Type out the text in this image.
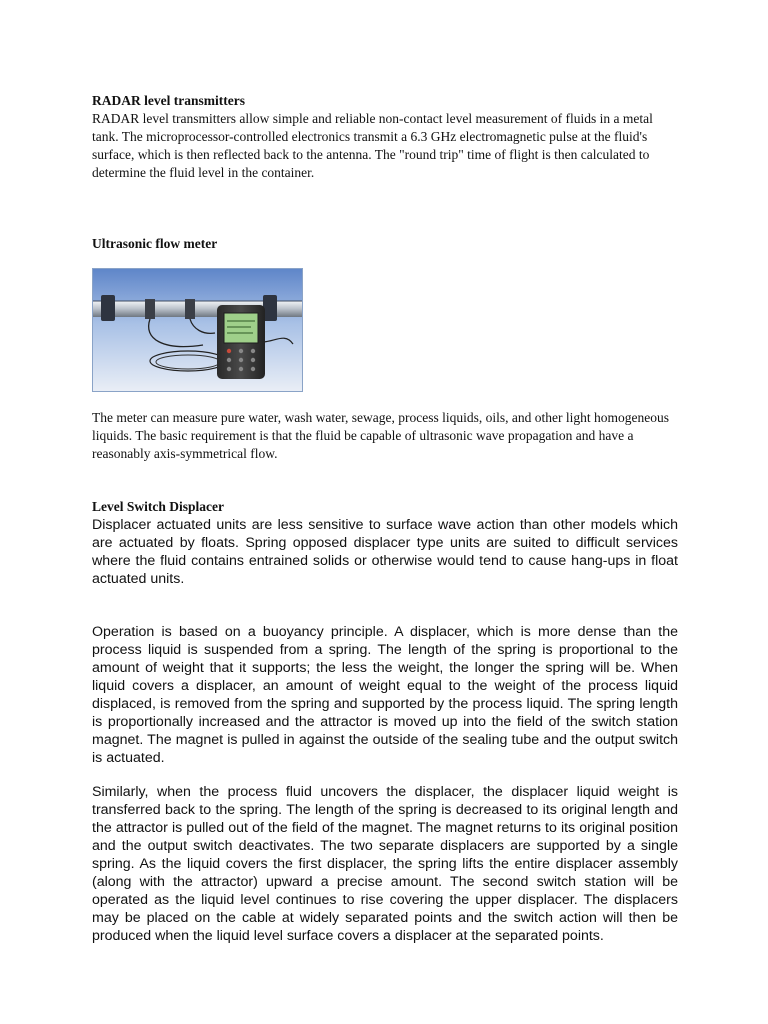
RADAR level transmitters

RADAR level transmitters allow simple and reliable non-contact level measurement of fluids in a metal tank. The microprocessor-controlled electronics transmit a 6.3 GHz electromagnetic pulse at the fluid's surface, which is then reflected back to the antenna. The "round trip" time of flight is then calculated to determine the fluid level in the container.

Ultrasonic flow meter

The meter can measure pure water, wash water, sewage, process liquids, oils, and other light homogeneous liquids. The basic requirement is that the fluid be capable of ultrasonic wave propagation and have a reasonably axis-symmetrical flow.

Level Switch Displacer

Displacer actuated units are less sensitive to surface wave action than other models which are actuated by floats. Spring opposed displacer type units are suited to difficult services where the fluid contains entrained solids or otherwise would tend to cause hang-ups in float actuated units.

Operation is based on a buoyancy principle. A displacer, which is more dense than the process liquid is suspended from a spring. The length of the spring is proportional to the amount of weight that it supports; the less the weight, the longer the spring will be. When liquid covers a displacer, an amount of weight equal to the weight of the process liquid displaced, is removed from the spring and supported by the process liquid. The spring length is proportionally increased and the attractor is moved up into the field of the switch station magnet. The magnet is pulled in against the outside of the sealing tube and the output switch is actuated.

Similarly, when the process fluid uncovers the displacer, the displacer liquid weight is transferred back to the spring. The length of the spring is decreased to its original length and the attractor is pulled out of the field of the magnet. The magnet returns to its original position and the output switch deactivates. The two separate displacers are supported by a single spring. As the liquid covers the first displacer, the spring lifts the entire displacer assembly (along with the attractor) upward a precise amount. The second switch station will be operated as the liquid level continues to rise covering the upper displacer. The displacers may be placed on the cable at widely separated points and the switch action will then be produced when the liquid level surface covers a displacer at the separated points.
